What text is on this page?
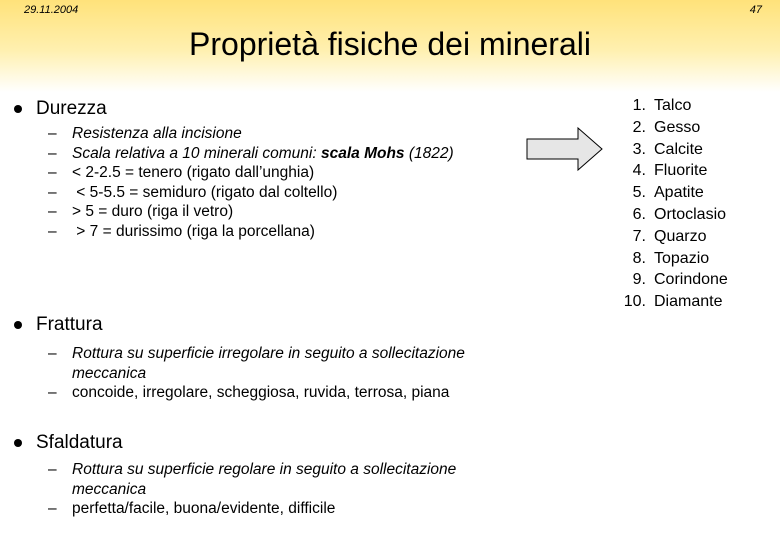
29.11.2004	47
Proprietà fisiche dei minerali
Durezza
– Resistenza alla incisione
– Scala relativa a 10 minerali comuni: scala Mohs (1822)
– < 2-2.5 = tenero (rigato dall’unghia)
– < 5-5.5 = semiduro (rigato dal coltello)
– > 5 = duro (riga il vetro)
– > 7 = durissimo (riga la porcellana)
1. Talco
2. Gesso
3. Calcite
4. Fluorite
5. Apatite
6. Ortoclasio
7. Quarzo
8. Topazio
9. Corindone
10. Diamante
Frattura
– Rottura su superficie irregolare in seguito a sollecitazione
meccanica
– concoide, irregolare, scheggiosa, ruvida, terrosa, piana
Sfaldatura
– Rottura su superficie regolare in seguito a sollecitazione
meccanica
– perfetta/facile, buona/evidente, difficile
